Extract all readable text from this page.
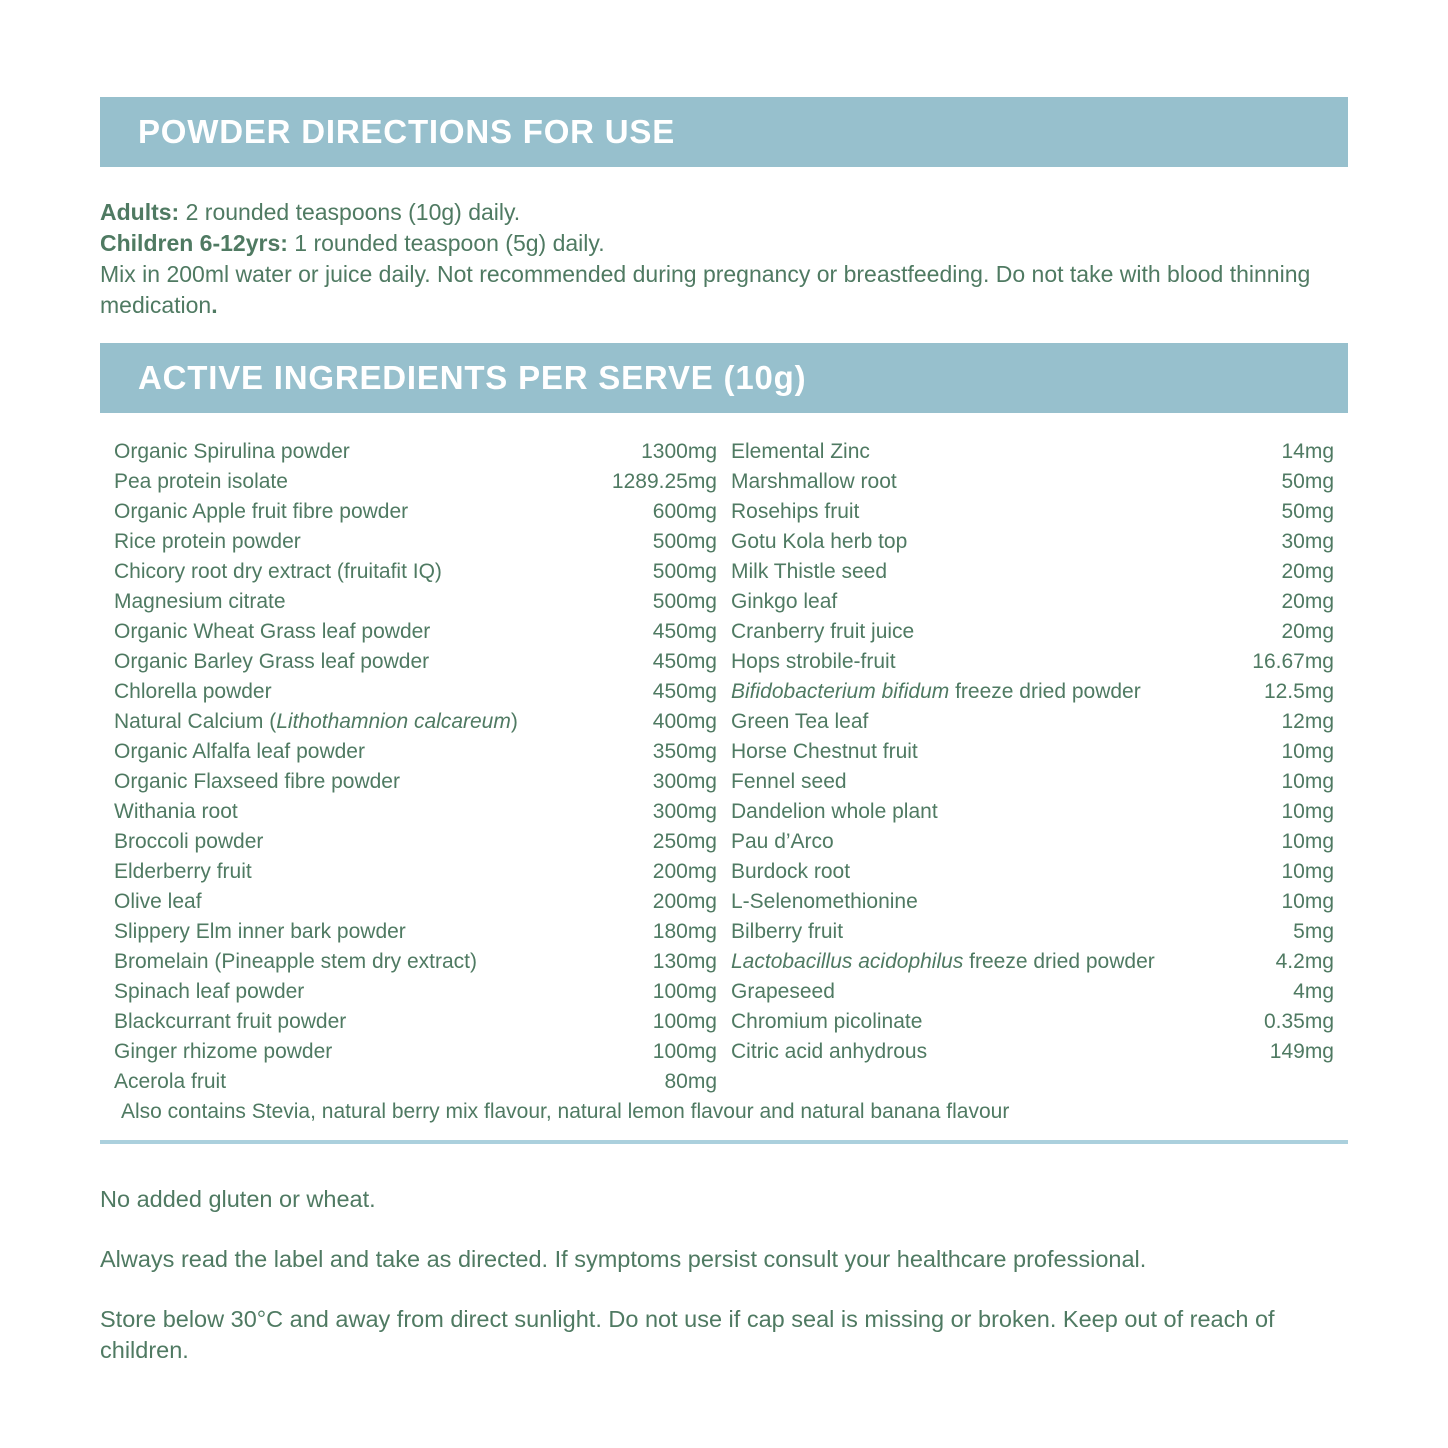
POWDER DIRECTIONS FOR USE
Adults: 2 rounded teaspoons (10g) daily.
Children 6-12yrs: 1 rounded teaspoon (5g) daily.
Mix in 200ml water or juice daily. Not recommended during pregnancy or breastfeeding. Do not take with blood thinning medication.
ACTIVE INGREDIENTS PER SERVE (10g)
Organic Spirulina powder	1300mg
Pea protein isolate	1289.25mg
Organic Apple fruit fibre powder	600mg
Rice protein powder	500mg
Chicory root dry extract (fruitafit IQ)	500mg
Magnesium citrate	500mg
Organic Wheat Grass leaf powder	450mg
Organic Barley Grass leaf powder	450mg
Chlorella powder	450mg
Natural Calcium (Lithothamnion calcareum)	400mg
Organic Alfalfa leaf powder	350mg
Organic Flaxseed fibre powder	300mg
Withania root	300mg
Broccoli powder	250mg
Elderberry fruit	200mg
Olive leaf	200mg
Slippery Elm inner bark powder	180mg
Bromelain (Pineapple stem dry extract)	130mg
Spinach leaf powder	100mg
Blackcurrant fruit powder	100mg
Ginger rhizome powder	100mg
Acerola fruit	80mg
Elemental Zinc	14mg
Marshmallow root	50mg
Rosehips fruit	50mg
Gotu Kola herb top	30mg
Milk Thistle seed	20mg
Ginkgo leaf	20mg
Cranberry fruit juice	20mg
Hops strobile-fruit	16.67mg
Bifidobacterium bifidum freeze dried powder	12.5mg
Green Tea leaf	12mg
Horse Chestnut fruit	10mg
Fennel seed	10mg
Dandelion whole plant	10mg
Pau d’Arco	10mg
Burdock root	10mg
L-Selenomethionine	10mg
Bilberry fruit	5mg
Lactobacillus acidophilus freeze dried powder	4.2mg
Grapeseed	4mg
Chromium picolinate	0.35mg
Citric acid anhydrous	149mg
Also contains Stevia, natural berry mix flavour, natural lemon flavour and natural banana flavour

No added gluten or wheat.

Always read the label and take as directed. If symptoms persist consult your healthcare professional.

Store below 30°C and away from direct sunlight. Do not use if cap seal is missing or broken. Keep out of reach of children.
